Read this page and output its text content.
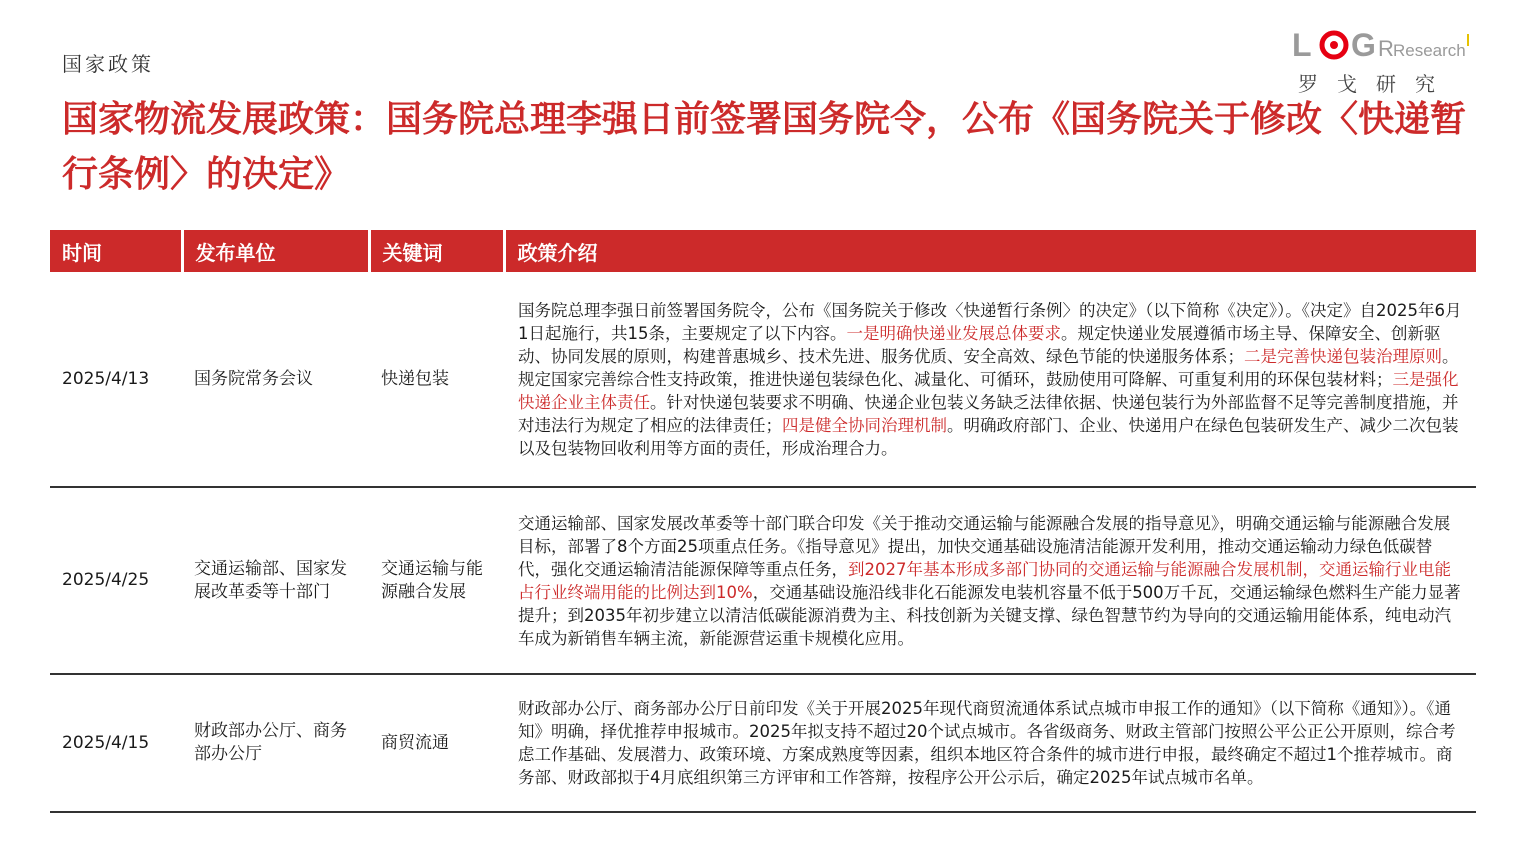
国家政策
L G R Research
罗戈研究
国家物流发展政策：国务院总理李强日前签署国务院令，公布《国务院关于修改〈快递暂行条例〉的决定》
时间	发布单位	关键词	政策介绍
2025/4/13	国务院常务会议	快递包装	国务院总理李强日前签署国务院令，公布《国务院关于修改〈快递暂行条例〉的决定》（以下简称《决定》）。《决定》自2025年6月1日起施行，共15条，主要规定了以下内容。一是明确快递业发展总体要求。规定快递业发展遵循市场主导、保障安全、创新驱动、协同发展的原则，构建普惠城乡、技术先进、服务优质、安全高效、绿色节能的快递服务体系；二是完善快递包装治理原则。规定国家完善综合性支持政策，推进快递包装绿色化、减量化、可循环，鼓励使用可降解、可重复利用的环保包装材料；三是强化快递企业主体责任。针对快递包装要求不明确、快递企业包装义务缺乏法律依据、快递包装行为外部监督不足等完善制度措施，并对违法行为规定了相应的法律责任；四是健全协同治理机制。明确政府部门、企业、快递用户在绿色包装研发生产、减少二次包装以及包装物回收利用等方面的责任，形成治理合力。
2025/4/25	交通运输部、国家发展改革委等十部门	交通运输与能源融合发展	交通运输部、国家发展改革委等十部门联合印发《关于推动交通运输与能源融合发展的指导意见》，明确交通运输与能源融合发展目标，部署了8个方面25项重点任务。《指导意见》提出，加快交通基础设施清洁能源开发利用，推动交通运输动力绿色低碳替代，强化交通运输清洁能源保障等重点任务，到2027年基本形成多部门协同的交通运输与能源融合发展机制，交通运输行业电能占行业终端用能的比例达到10%，交通基础设施沿线非化石能源发电装机容量不低于500万千瓦，交通运输绿色燃料生产能力显著提升；到2035年初步建立以清洁低碳能源消费为主、科技创新为关键支撑、绿色智慧节约为导向的交通运输用能体系，纯电动汽车成为新销售车辆主流，新能源营运重卡规模化应用。
2025/4/15	财政部办公厅、商务部办公厅	商贸流通	财政部办公厅、商务部办公厅日前印发《关于开展2025年现代商贸流通体系试点城市申报工作的通知》（以下简称《通知》）。《通知》明确，择优推荐申报城市。2025年拟支持不超过20个试点城市。各省级商务、财政主管部门按照公平公正公开原则，综合考虑工作基础、发展潜力、政策环境、方案成熟度等因素，组织本地区符合条件的城市进行申报，最终确定不超过1个推荐城市。商务部、财政部拟于4月底组织第三方评审和工作答辩，按程序公开公示后，确定2025年试点城市名单。
